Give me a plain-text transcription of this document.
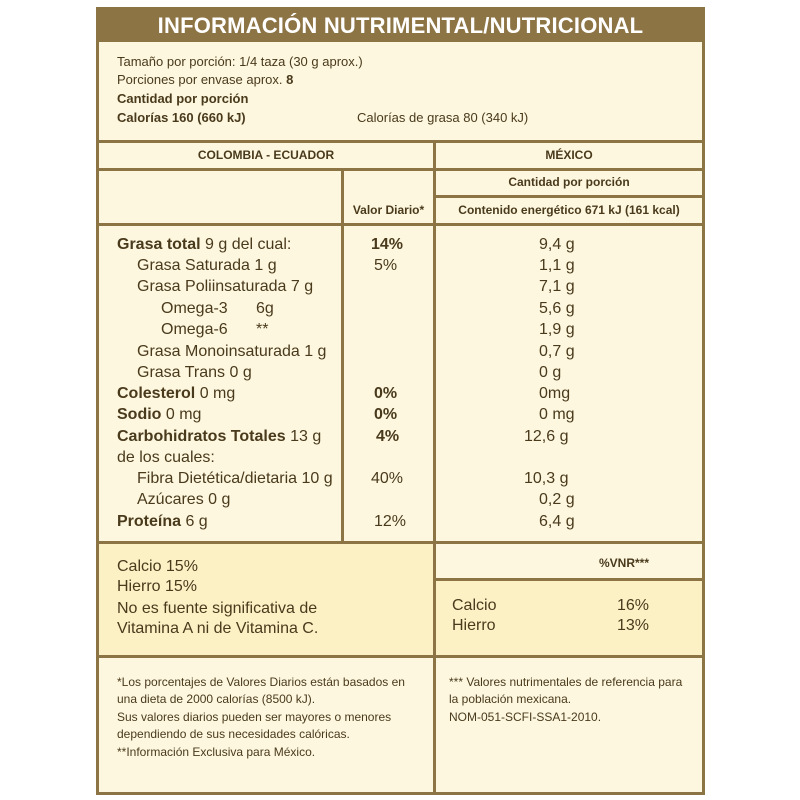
INFORMACIÓN NUTRIMENTAL/NUTRICIONAL
Tamaño por porción: 1/4 taza (30 g aprox.)
Porciones por envase aprox. 8
Cantidad por porción
Calorías 160 (660 kJ)	Calorías de grasa 80 (340 kJ)
COLOMBIA - ECUADOR	MÉXICO
Cantidad por porción
Valor Diario*	Contenido energético 671 kJ (161 kcal)
Grasa total 9 g del cual:	14%	9,4 g
Grasa Saturada 1 g	5%	1,1 g
Grasa Poliinsaturada 7 g	7,1 g
Omega-3 6g	5,6 g
Omega-6 **	1,9 g
Grasa Monoinsaturada 1 g	0,7 g
Grasa Trans 0 g	0 g
Colesterol 0 mg	0%	0mg
Sodio 0 mg	0%	0 mg
Carbohidratos Totales 13 g	4%	12,6 g
de los cuales:
Fibra Dietética/dietaria 10 g 40%	10,3 g
Azúcares 0 g	0,2 g
Proteína 6 g	12%	6,4 g
Calcio 15%
Hierro 15%
No es fuente significativa de
Vitamina A ni de Vitamina C.
%VNR***
Calcio	16%
Hierro	13%
*Los porcentajes de Valores Diarios están basados en
una dieta de 2000 calorías (8500 kJ).
Sus valores diarios pueden ser mayores o menores
dependiendo de sus necesidades calóricas.
**Información Exclusiva para México.
*** Valores nutrimentales de referencia para
la población mexicana.
NOM-051-SCFI-SSA1-2010.
